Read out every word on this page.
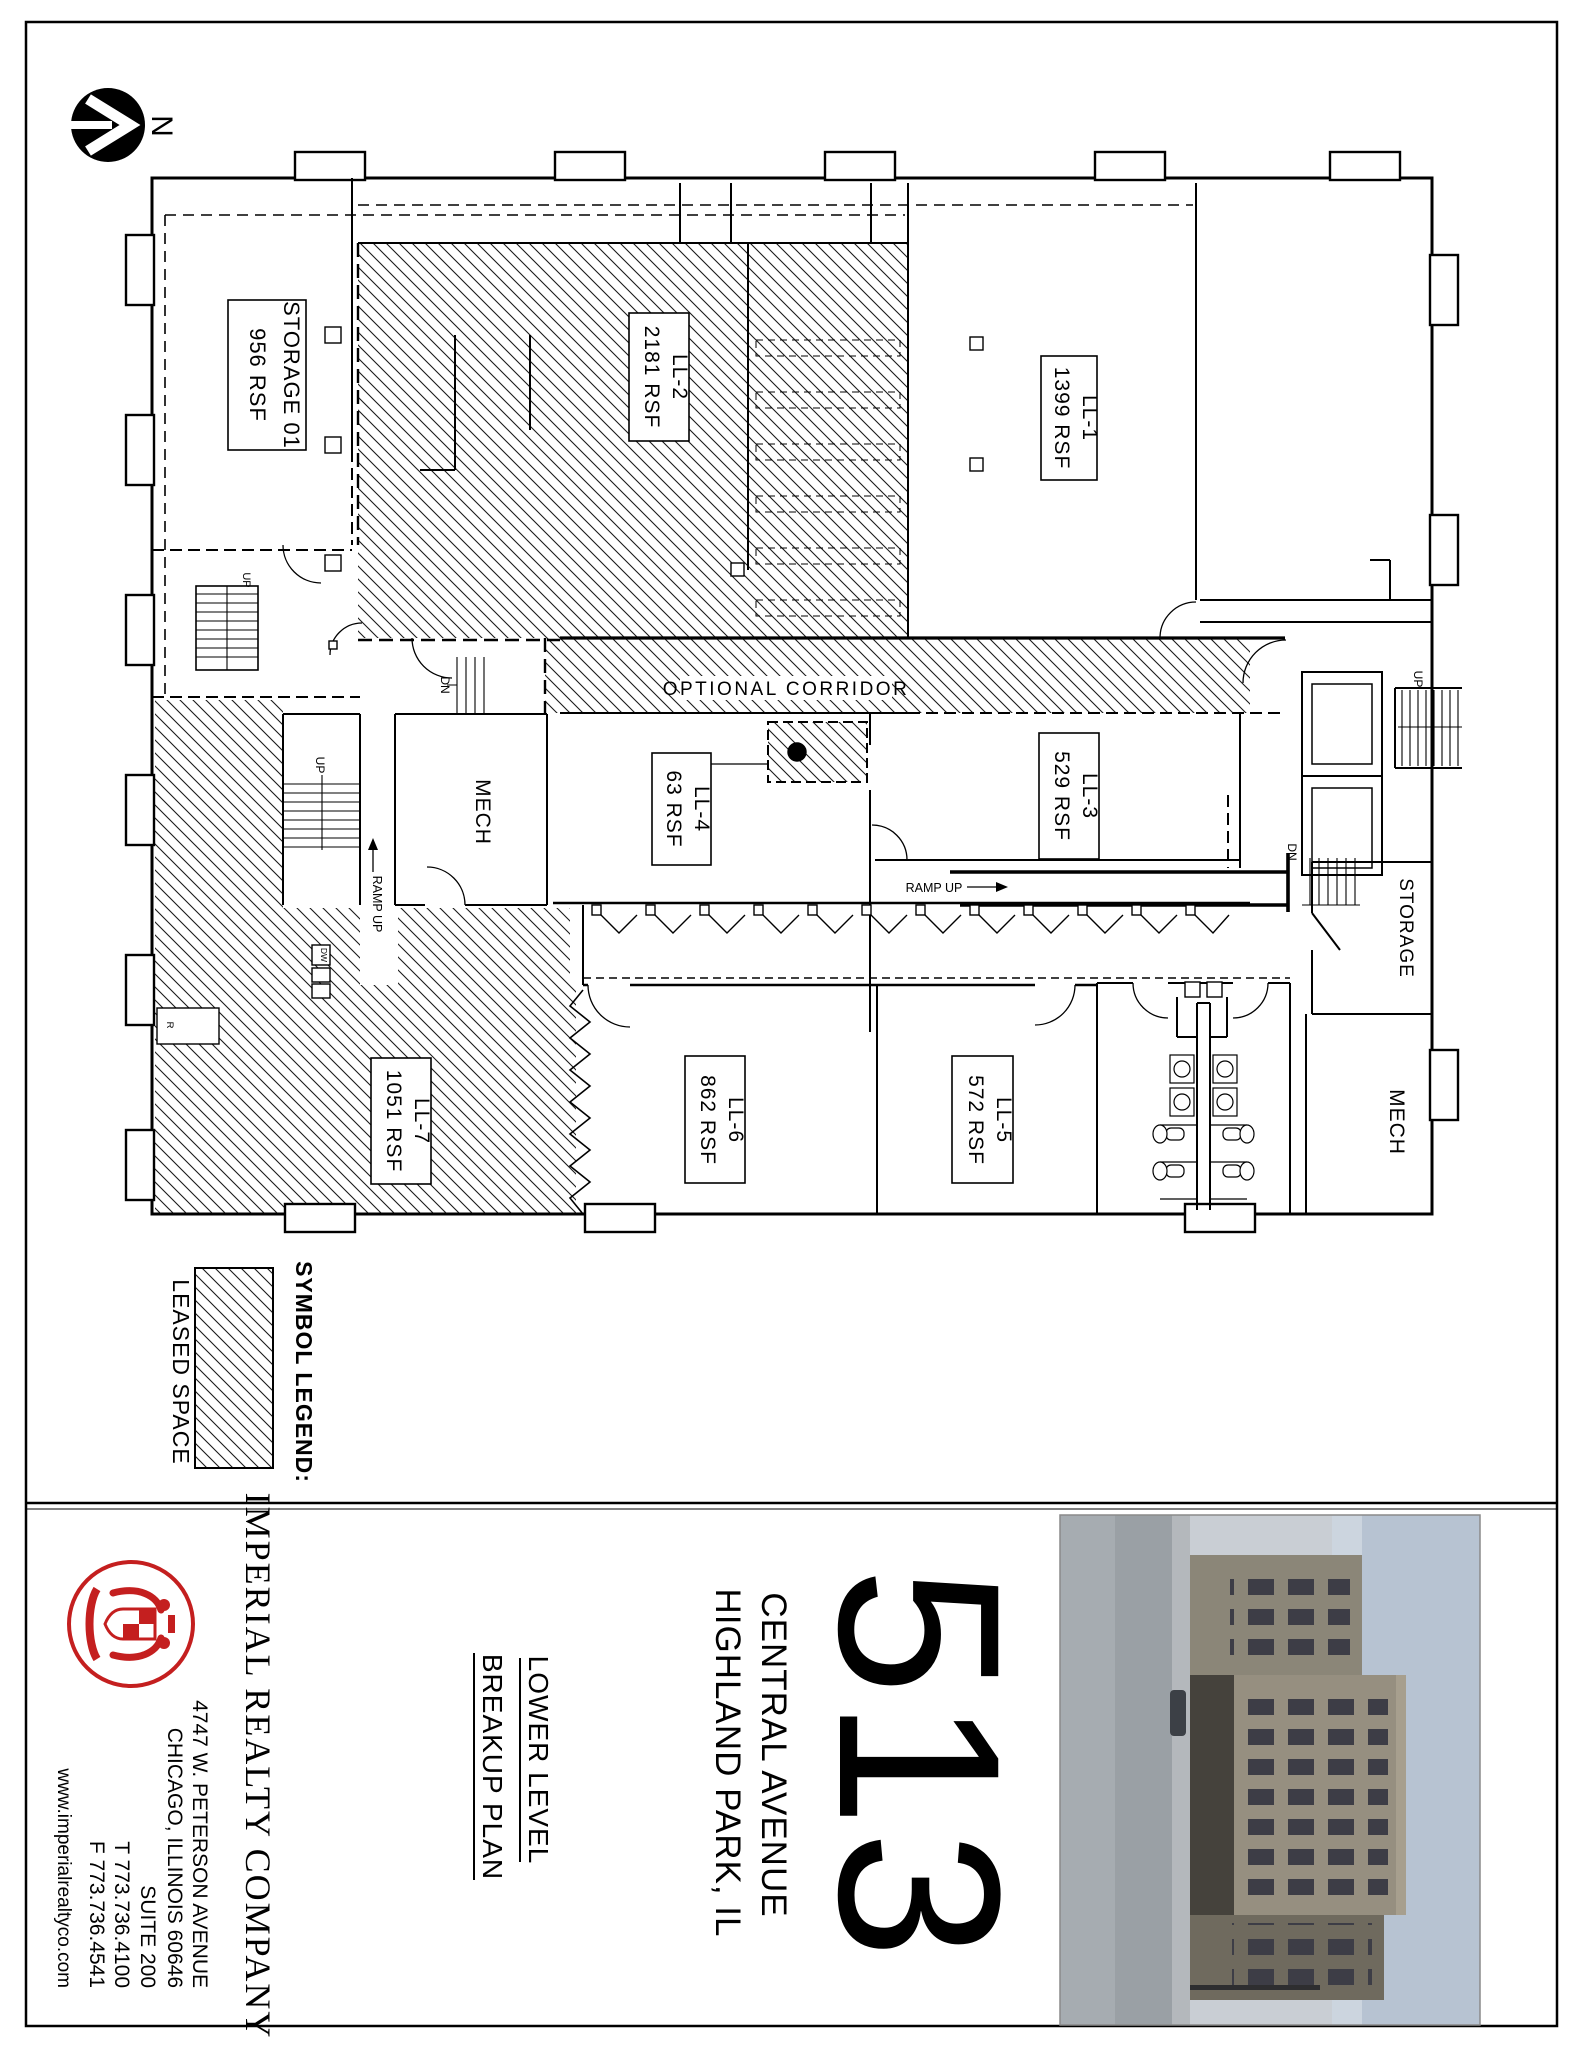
N
STORAGE 01
956 RSF	LL-2
2181 RSF	LL-1
1399 RSF
LL-4
63 RSF	LL-3
529 RSF
LL-5
572 RSF
LL-6
862 RSF
LL-7
1051 RSF
MECH
STORAGE
MECH
OPTIONAL CORRIDOR
RAMP UP
RAMP UP
DN
DN
UP
UP
UP
DW
R
SYMBOL LEGEND:
LEASED SPACE
IMPERIAL REALTY COMPANY
4747 W. PETERSON AVENUE
CHICAGO, ILLINOIS 60646
SUITE 200
T 773.736.4100
F 773.736.4541
www.imperialrealtyco.com
LOWER LEVEL
BREAKUP PLAN	CENTRAL AVENUE
HIGHLAND PARK, IL 513
